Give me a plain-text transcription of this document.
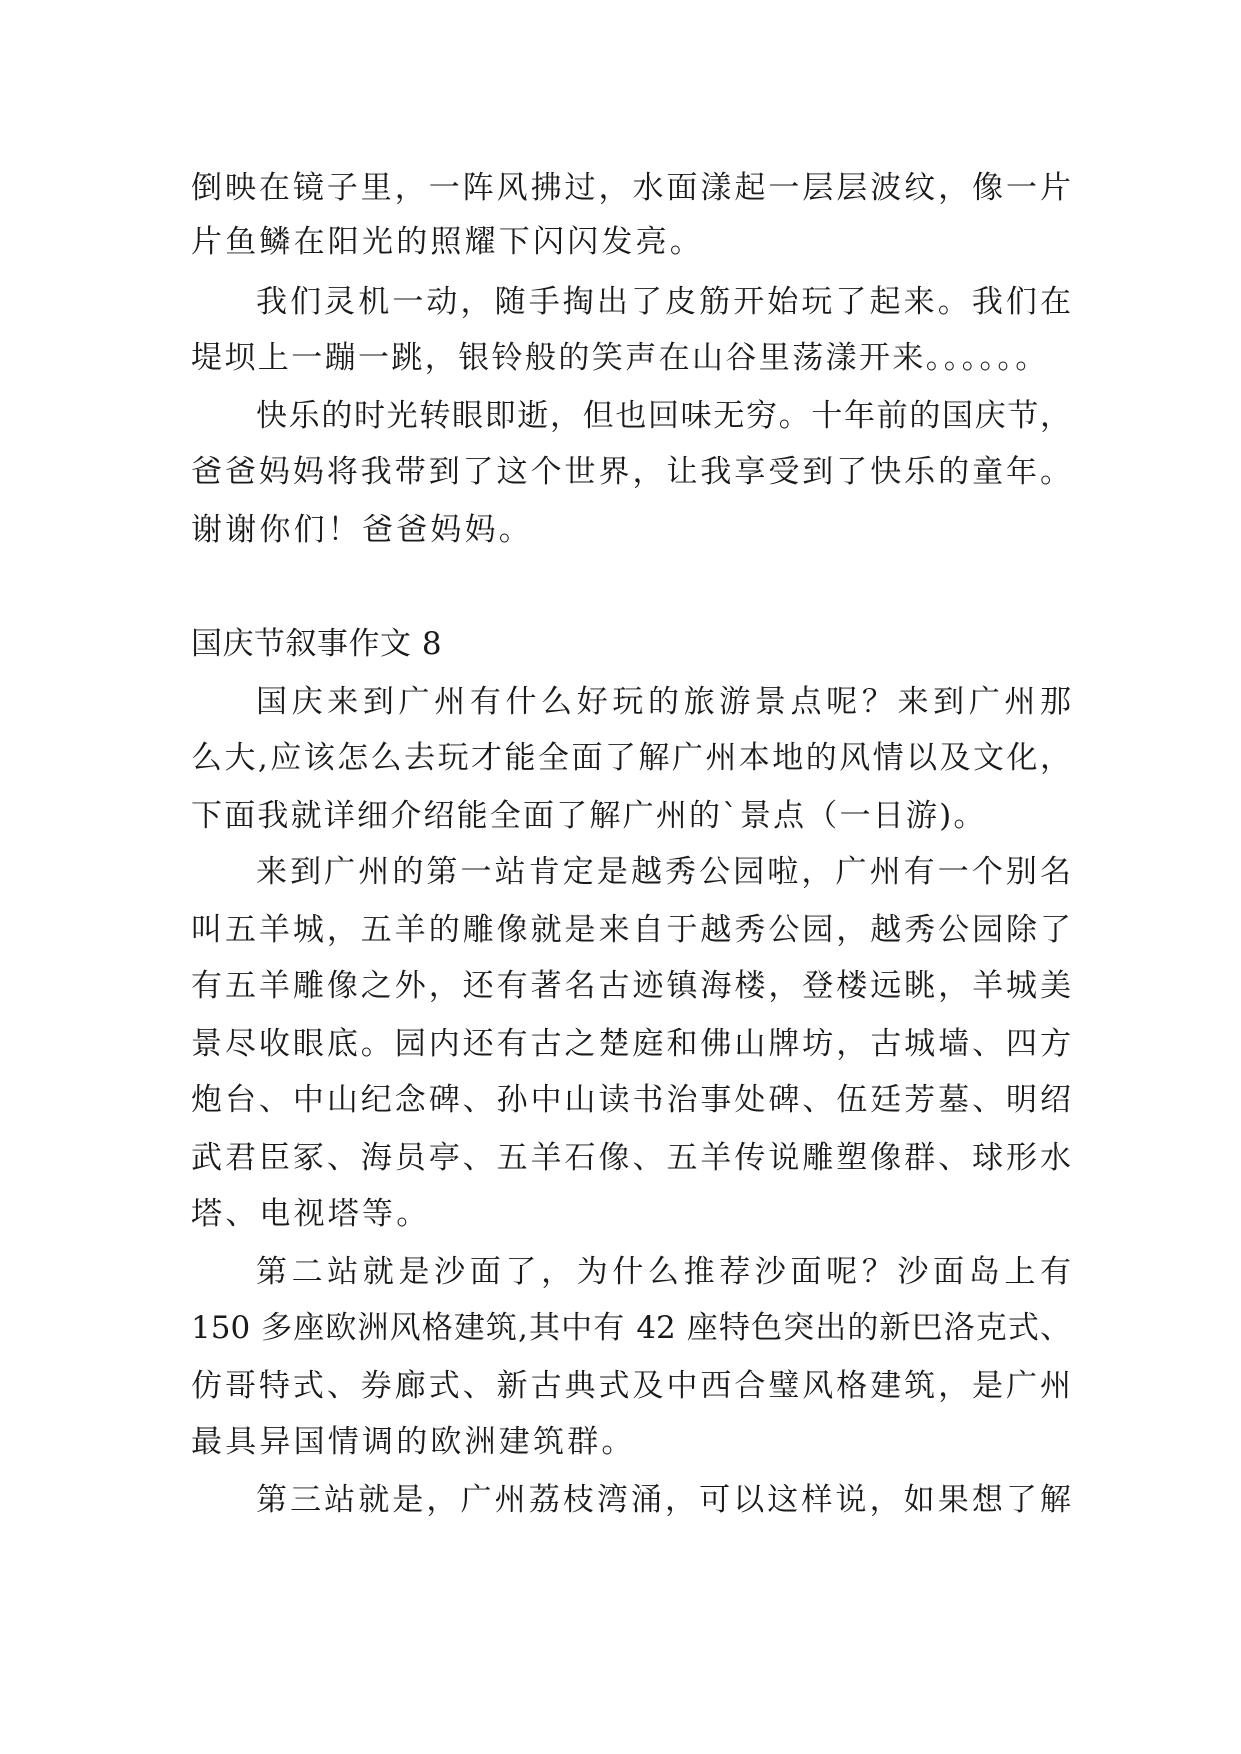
倒映在镜子里，一阵风拂过，水面漾起一层层波纹，像一片
片鱼鳞在阳光的照耀下闪闪发亮。
我们灵机一动，随手掏出了皮筋开始玩了起来。我们在
堤坝上一蹦一跳，银铃般的笑声在山谷里荡漾开来。。。。。。
快乐的时光转眼即逝，但也回味无穷。十年前的国庆节，
爸爸妈妈将我带到了这个世界，让我享受到了快乐的童年。
谢谢你们！爸爸妈妈。
国庆节叙事作文 8
国庆来到广州有什么好玩的旅游景点呢？来到广州那
么大,应该怎么去玩才能全面了解广州本地的风情以及文化，
下面我就详细介绍能全面了解广州的`景点（一日游)。
来到广州的第一站肯定是越秀公园啦，广州有一个别名
叫五羊城，五羊的雕像就是来自于越秀公园，越秀公园除了
有五羊雕像之外，还有著名古迹镇海楼，登楼远眺，羊城美
景尽收眼底。园内还有古之楚庭和佛山牌坊，古城墙、四方
炮台、中山纪念碑、孙中山读书治事处碑、伍廷芳墓、明绍
武君臣冢、海员亭、五羊石像、五羊传说雕塑像群、球形水
塔、电视塔等。
第二站就是沙面了，为什么推荐沙面呢？沙面岛上有
150 多座欧洲风格建筑,其中有 42 座特色突出的新巴洛克式、
仿哥特式、券廊式、新古典式及中西合璧风格建筑，是广州
最具异国情调的欧洲建筑群。
第三站就是，广州荔枝湾涌，可以这样说，如果想了解
